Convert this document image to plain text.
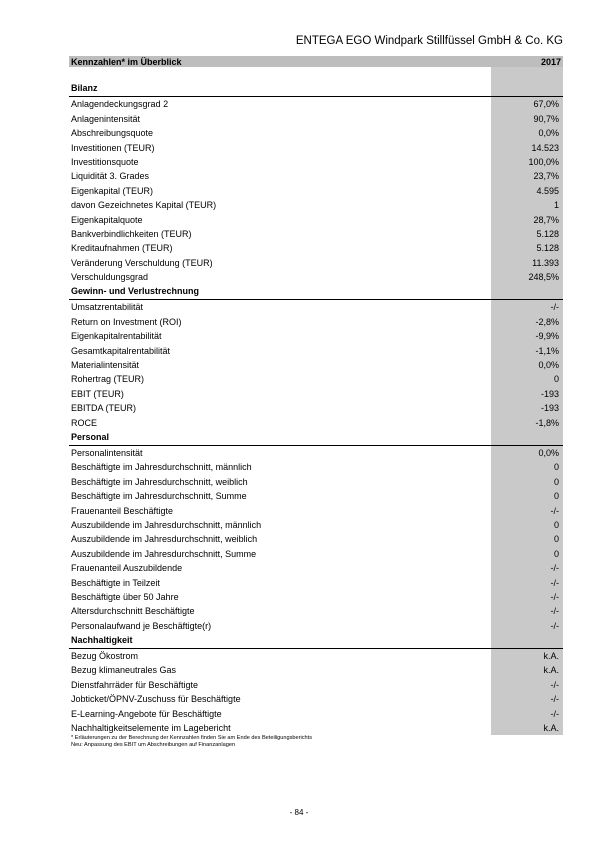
ENTEGA EGO Windpark Stillfüssel GmbH & Co. KG
Kennzahlen* im Überblick	2017
Bilanz
Anlagendeckungsgrad 2	67,0%
Anlagenintensität	90,7%
Abschreibungsquote	0,0%
Investitionen (TEUR)	14.523
Investitionsquote	100,0%
Liquidität 3. Grades	23,7%
Eigenkapital (TEUR)	4.595
davon Gezeichnetes Kapital (TEUR)	1
Eigenkapitalquote	28,7%
Bankverbindlichkeiten (TEUR)	5.128
Kreditaufnahmen (TEUR)	5.128
Veränderung Verschuldung (TEUR)	11.393
Verschuldungsgrad	248,5%
Gewinn- und Verlustrechnung
Umsatzrentabilität	-/-
Return on Investment (ROI)	-2,8%
Eigenkapitalrentabilität	-9,9%
Gesamtkapitalrentabilität	-1,1%
Materialintensität	0,0%
Rohertrag (TEUR)	0
EBIT (TEUR)	-193
EBITDA (TEUR)	-193
ROCE	-1,8%
Personal
Personalintensität	0,0%
Beschäftigte im Jahresdurchschnitt, männlich	0
Beschäftigte im Jahresdurchschnitt, weiblich	0
Beschäftigte im Jahresdurchschnitt, Summe	0
Frauenanteil Beschäftigte	-/-
Auszubildende im Jahresdurchschnitt, männlich	0
Auszubildende im Jahresdurchschnitt, weiblich	0
Auszubildende im Jahresdurchschnitt, Summe	0
Frauenanteil Auszubildende	-/-
Beschäftigte in Teilzeit	-/-
Beschäftigte über 50 Jahre	-/-
Altersdurchschnitt Beschäftigte	-/-
Personalaufwand je Beschäftigte(r)	-/-
Nachhaltigkeit
Bezug Ökostrom	k.A.
Bezug klimaneutrales Gas	k.A.
Dienstfahrräder für Beschäftigte	-/-
Jobticket/ÖPNV-Zuschuss für Beschäftigte	-/-
E-Learning-Angebote für Beschäftigte	-/-
Nachhaltigkeitselemente im Lagebericht	k.A.
* Erläuterungen zu der Berechnung der Kennzahlen finden Sie am Ende des Beteiligungsberichts
Neu: Anpassung des EBIT um Abschreibungen auf Finanzanlagen
- 84 -
